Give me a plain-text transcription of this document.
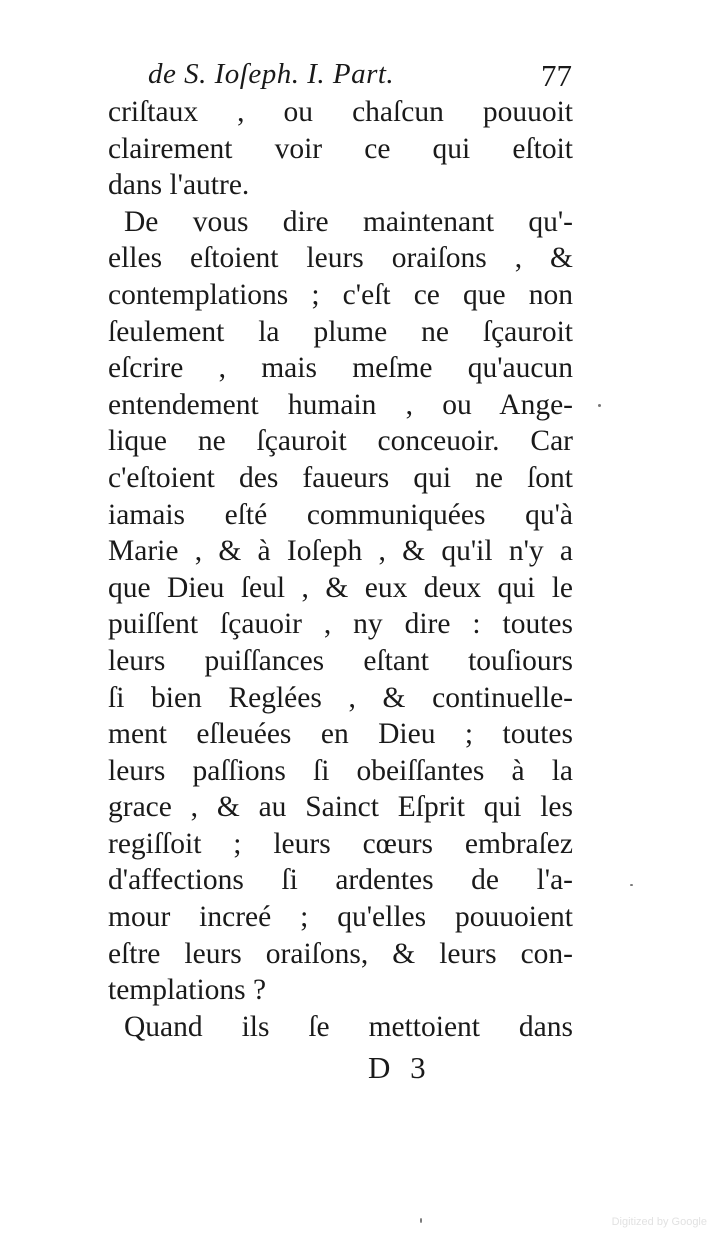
de S. Ioſeph. I. Part.	77
criſtaux , ou chaſcun pouuoit
clairement voir ce qui eſtoit
dans l'autre.
De vous dire maintenant qu'-
elles eſtoient leurs oraiſons , &
contemplations ; c'eſt ce que non
ſeulement la plume ne ſçauroit
eſcrire , mais meſme qu'aucun
entendement humain , ou Ange-
lique ne ſçauroit conceuoir. Car
c'eſtoient des faueurs qui ne ſont
iamais eſté communiquées qu'à
Marie , & à Ioſeph , & qu'il n'y a
que Dieu ſeul , & eux deux qui le
puiſſent ſçauoir , ny dire : toutes
leurs puiſſances eſtant touſiours
ſi bien Reglées , & continuelle-
ment eſleuées en Dieu ; toutes
leurs paſſions ſi obeiſſantes à la
grace , & au Sainct Eſprit qui les
regiſſoit ; leurs cœurs embraſez
d'affections ſi ardentes de l'a-
mour increé ; qu'elles pouuoient
eſtre leurs oraiſons, & leurs con-
templations ?
Quand ils ſe mettoient dans
D 3
Digitized by Google
